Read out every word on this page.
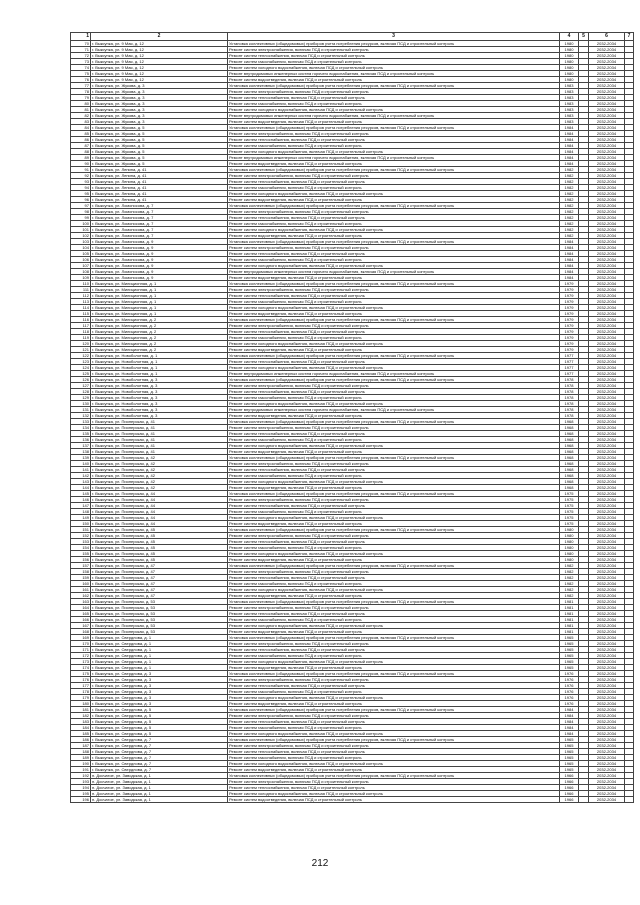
1	2	3	4	5	6	7
70	г. Выксунка, ул. 9 Мая, д. 12	Установка коллективных (общедомовых) приборов учета потребления ресурсов, включая ПСД и строительный контроль	1980		2032-2034	
71	г. Выксунка, ул. 9 Мая, д. 12	Ремонт систем электроснабжения, включая ПСД и строительный контроль	1980		2032-2034	
72	г. Выксунка, ул. 9 Мая, д. 12	Ремонт систем теплоснабжения, включая ПСД и строительный контроль	1980		2032-2034	
73	г. Выксунка, ул. 9 Мая, д. 12	Ремонт систем газоснабжения, включая ПСД и строительный контроль	1980		2032-2034	
74	г. Выксунка, ул. 9 Мая, д. 12	Ремонт систем холодного водоснабжения, включая ПСД и строительный контроль	1980		2032-2034	
75	г. Выксунка, ул. 9 Мая, д. 12	Ремонт внутридомовых инженерных систем горячего водоснабжения, включая ПСД и строительный контроль	1980		2032-2034	
76	г. Выксунка, ул. 9 Мая, д. 12	Ремонт систем водоотведения, включая ПСД и строительный контроль	1980		2032-2034	
77	г. Выксунка, ул. Жукова, д. 3	Установка коллективных (общедомовых) приборов учета потребления ресурсов, включая ПСД и строительный контроль	1983		2032-2034	
78	г. Выксунка, ул. Жукова, д. 3	Ремонт систем электроснабжения, включая ПСД и строительный контроль	1983		2032-2034	
79	г. Выксунка, ул. Жукова, д. 3	Ремонт систем теплоснабжения, включая ПСД и строительный контроль	1983		2032-2034	
80	г. Выксунка, ул. Жукова, д. 3	Ремонт систем газоснабжения, включая ПСД и строительный контроль	1983		2032-2034	
81	г. Выксунка, ул. Жукова, д. 3	Ремонт систем холодного водоснабжения, включая ПСД и строительный контроль	1983		2032-2034	
82	г. Выксунка, ул. Жукова, д. 3	Ремонт внутридомовых инженерных систем горячего водоснабжения, включая ПСД и строительный контроль	1983		2032-2034	
83	г. Выксунка, ул. Жукова, д. 3	Ремонт систем водоотведения, включая ПСД и строительный контроль	1983		2032-2034	
84	г. Выксунка, ул. Жукова, д. 5	Установка коллективных (общедомовых) приборов учета потребления ресурсов, включая ПСД и строительный контроль	1984		2032-2034	
85	г. Выксунка, ул. Жукова, д. 5	Ремонт систем электроснабжения, включая ПСД и строительный контроль	1984		2032-2034	
86	г. Выксунка, ул. Жукова, д. 5	Ремонт систем теплоснабжения, включая ПСД и строительный контроль	1984		2032-2034	
87	г. Выксунка, ул. Жукова, д. 5	Ремонт систем газоснабжения, включая ПСД и строительный контроль	1984		2032-2034	
88	г. Выксунка, ул. Жукова, д. 5	Ремонт систем холодного водоснабжения, включая ПСД и строительный контроль	1984		2032-2034	
89	г. Выксунка, ул. Жукова, д. 5	Ремонт внутридомовых инженерных систем горячего водоснабжения, включая ПСД и строительный контроль	1984		2032-2034	
90	г. Выксунка, ул. Жукова, д. 5	Ремонт систем водоотведения, включая ПСД и строительный контроль	1984		2032-2034	
91	г. Выксунка, ул. Ленина, д. 41	Установка коллективных (общедомовых) приборов учета потребления ресурсов, включая ПСД и строительный контроль	1982		2032-2034	
92	г. Выксунка, ул. Ленина, д. 41	Ремонт систем электроснабжения, включая ПСД и строительный контроль	1982		2032-2034	
93	г. Выксунка, ул. Ленина, д. 41	Ремонт систем теплоснабжения, включая ПСД и строительный контроль	1982		2032-2034	
94	г. Выксунка, ул. Ленина, д. 41	Ремонт систем газоснабжения, включая ПСД и строительный контроль	1982		2032-2034	
95	г. Выксунка, ул. Ленина, д. 41	Ремонт систем холодного водоснабжения, включая ПСД и строительный контроль	1982		2032-2034	
96	г. Выксунка, ул. Ленина, д. 41	Ремонт систем водоотведения, включая ПСД и строительный контроль	1982		2032-2034	
97	г. Выксунка, ул. Ломоносова, д. 7	Установка коллективных (общедомовых) приборов учета потребления ресурсов, включая ПСД и строительный контроль	1982		2032-2034	
98	г. Выксунка, ул. Ломоносова, д. 7	Ремонт систем электроснабжения, включая ПСД и строительный контроль	1982		2032-2034	
99	г. Выксунка, ул. Ломоносова, д. 7	Ремонт систем теплоснабжения, включая ПСД и строительный контроль	1982		2032-2034	
100	г. Выксунка, ул. Ломоносова, д. 7	Ремонт систем газоснабжения, включая ПСД и строительный контроль	1982		2032-2034	
101	г. Выксунка, ул. Ломоносова, д. 7	Ремонт систем холодного водоснабжения, включая ПСД и строительный контроль	1982		2032-2034	
102	г. Выксунка, ул. Ломоносова, д. 7	Ремонт систем водоотведения, включая ПСД и строительный контроль	1982		2032-2034	
103	г. Выксунка, ул. Ломоносова, д. 9	Установка коллективных (общедомовых) приборов учета потребления ресурсов, включая ПСД и строительный контроль	1984		2032-2034	
104	г. Выксунка, ул. Ломоносова, д. 9	Ремонт систем электроснабжения, включая ПСД и строительный контроль	1984		2032-2034	
105	г. Выксунка, ул. Ломоносова, д. 9	Ремонт систем теплоснабжения, включая ПСД и строительный контроль	1984		2032-2034	
106	г. Выксунка, ул. Ломоносова, д. 9	Ремонт систем газоснабжения, включая ПСД и строительный контроль	1984		2032-2034	
107	г. Выксунка, ул. Ломоносова, д. 9	Ремонт систем холодного водоснабжения, включая ПСД и строительный контроль	1984		2032-2034	
108	г. Выксунка, ул. Ломоносова, д. 9	Ремонт внутридомовых инженерных систем горячего водоснабжения, включая ПСД и строительный контроль	1984		2032-2034	
109	г. Выксунка, ул. Ломоносова, д. 9	Ремонт систем водоотведения, включая ПСД и строительный контроль	1984		2032-2034	
110	г. Выксунка, ул. Милиционная, д. 1	Установка коллективных (общедомовых) приборов учета потребления ресурсов, включая ПСД и строительный контроль	1979		2032-2034	
111	г. Выксунка, ул. Милиционная, д. 1	Ремонт систем электроснабжения, включая ПСД и строительный контроль	1979		2032-2034	
112	г. Выксунка, ул. Милиционная, д. 1	Ремонт систем теплоснабжения, включая ПСД и строительный контроль	1979		2032-2034	
113	г. Выксунка, ул. Милиционная, д. 1	Ремонт систем газоснабжения, включая ПСД и строительный контроль	1979		2032-2034	
114	г. Выксунка, ул. Милиционная, д. 1	Ремонт систем холодного водоснабжения, включая ПСД и строительный контроль	1979		2032-2034	
115	г. Выксунка, ул. Милиционная, д. 1	Ремонт систем водоотведения, включая ПСД и строительный контроль	1979		2032-2034	
116	г. Выксунка, ул. Милиционная, д. 2	Установка коллективных (общедомовых) приборов учета потребления ресурсов, включая ПСД и строительный контроль	1979		2032-2034	
117	г. Выксунка, ул. Милиционная, д. 2	Ремонт систем электроснабжения, включая ПСД и строительный контроль	1979		2032-2034	
118	г. Выксунка, ул. Милиционная, д. 2	Ремонт систем теплоснабжения, включая ПСД и строительный контроль	1979		2032-2034	
119	г. Выксунка, ул. Милиционная, д. 2	Ремонт систем газоснабжения, включая ПСД и строительный контроль	1979		2032-2034	
120	г. Выксунка, ул. Милиционная, д. 2	Ремонт систем холодного водоснабжения, включая ПСД и строительный контроль	1979		2032-2034	
121	г. Выксунка, ул. Милиционная, д. 2	Ремонт систем водоотведения, включая ПСД и строительный контроль	1979		2032-2034	
122	г. Выксунка, ул. Новоболотная, д. 1	Установка коллективных (общедомовых) приборов учета потребления ресурсов, включая ПСД и строительный контроль	1977		2032-2034	
123	г. Выксунка, ул. Новоболотная, д. 1	Ремонт систем теплоснабжения, включая ПСД и строительный контроль	1977		2032-2034	
124	г. Выксунка, ул. Новоболотная, д. 1	Ремонт систем холодного водоснабжения, включая ПСД и строительный контроль	1977		2032-2034	
125	г. Выксунка, ул. Новоболотная, д. 1	Ремонт внутридомовых инженерных систем горячего водоснабжения, включая ПСД и строительный контроль	1977		2032-2034	
126	г. Выксунка, ул. Новоболотная, д. 3	Установка коллективных (общедомовых) приборов учета потребления ресурсов, включая ПСД и строительный контроль	1978		2032-2034	
127	г. Выксунка, ул. Новоболотная, д. 3	Ремонт систем электроснабжения, включая ПСД и строительный контроль	1978		2032-2034	
128	г. Выксунка, ул. Новоболотная, д. 3	Ремонт систем теплоснабжения, включая ПСД и строительный контроль	1978		2032-2034	
129	г. Выксунка, ул. Новоболотная, д. 3	Ремонт систем газоснабжения, включая ПСД и строительный контроль	1978		2032-2034	
130	г. Выксунка, ул. Новоболотная, д. 3	Ремонт систем холодного водоснабжения, включая ПСД и строительный контроль	1978		2032-2034	
131	г. Выксунка, ул. Новоболотная, д. 3	Ремонт внутридомовых инженерных систем горячего водоснабжения, включая ПСД и строительный контроль	1978		2032-2034	
132	г. Выксунка, ул. Новоболотная, д. 3	Ремонт систем водоотведения, включая ПСД и строительный контроль	1978		2032-2034	
133	г. Выксунка, ул. Пионерская, д. 41	Установка коллективных (общедомовых) приборов учета потребления ресурсов, включая ПСД и строительный контроль	1968		2032-2034	
134	г. Выксунка, ул. Пионерская, д. 41	Ремонт систем электроснабжения, включая ПСД и строительный контроль	1968		2032-2034	
135	г. Выксунка, ул. Пионерская, д. 41	Ремонт систем теплоснабжения, включая ПСД и строительный контроль	1968		2032-2034	
136	г. Выксунка, ул. Пионерская, д. 41	Ремонт систем газоснабжения, включая ПСД и строительный контроль	1968		2032-2034	
137	г. Выксунка, ул. Пионерская, д. 41	Ремонт систем холодного водоснабжения, включая ПСД и строительный контроль	1968		2032-2034	
138	г. Выксунка, ул. Пионерская, д. 41	Ремонт систем водоотведения, включая ПСД и строительный контроль	1968		2032-2034	
139	г. Выксунка, ул. Пионерская, д. 42	Установка коллективных (общедомовых) приборов учета потребления ресурсов, включая ПСД и строительный контроль	1968		2032-2034	
140	г. Выксунка, ул. Пионерская, д. 42	Ремонт систем электроснабжения, включая ПСД и строительный контроль	1968		2032-2034	
141	г. Выксунка, ул. Пионерская, д. 42	Ремонт систем теплоснабжения, включая ПСД и строительный контроль	1968		2032-2034	
142	г. Выксунка, ул. Пионерская, д. 42	Ремонт систем газоснабжения, включая ПСД и строительный контроль	1968		2032-2034	
143	г. Выксунка, ул. Пионерская, д. 42	Ремонт систем холодного водоснабжения, включая ПСД и строительный контроль	1968		2032-2034	
144	г. Выксунка, ул. Пионерская, д. 42	Ремонт систем водоотведения, включая ПСД и строительный контроль	1968		2032-2034	
145	г. Выксунка, ул. Пионерская, д. 44	Установка коллективных (общедомовых) приборов учета потребления ресурсов, включая ПСД и строительный контроль	1975		2032-2034	
146	г. Выксунка, ул. Пионерская, д. 44	Ремонт систем электроснабжения, включая ПСД и строительный контроль	1975		2032-2034	
147	г. Выксунка, ул. Пионерская, д. 44	Ремонт систем теплоснабжения, включая ПСД и строительный контроль	1975		2032-2034	
148	г. Выксунка, ул. Пионерская, д. 44	Ремонт систем газоснабжения, включая ПСД и строительный контроль	1975		2032-2034	
149	г. Выксунка, ул. Пионерская, д. 44	Ремонт систем холодного водоснабжения, включая ПСД и строительный контроль	1975		2032-2034	
150	г. Выксунка, ул. Пионерская, д. 44	Ремонт систем водоотведения, включая ПСД и строительный контроль	1975		2032-2034	
151	г. Выксунка, ул. Пионерская, д. 45	Установка коллективных (общедомовых) приборов учета потребления ресурсов, включая ПСД и строительный контроль	1980		2032-2034	
152	г. Выксунка, ул. Пионерская, д. 45	Ремонт систем электроснабжения, включая ПСД и строительный контроль	1980		2032-2034	
153	г. Выксунка, ул. Пионерская, д. 45	Ремонт систем теплоснабжения, включая ПСД и строительный контроль	1980		2032-2034	
154	г. Выксунка, ул. Пионерская, д. 45	Ремонт систем газоснабжения, включая ПСД и строительный контроль	1980		2032-2034	
155	г. Выксунка, ул. Пионерская, д. 45	Ремонт систем холодного водоснабжения, включая ПСД и строительный контроль	1980		2032-2034	
156	г. Выксунка, ул. Пионерская, д. 45	Ремонт систем водоотведения, включая ПСД и строительный контроль	1980		2032-2034	
157	г. Выксунка, ул. Пионерская, д. 47	Установка коллективных (общедомовых) приборов учета потребления ресурсов, включая ПСД и строительный контроль	1982		2032-2034	
158	г. Выксунка, ул. Пионерская, д. 47	Ремонт систем электроснабжения, включая ПСД и строительный контроль	1982		2032-2034	
159	г. Выксунка, ул. Пионерская, д. 47	Ремонт систем теплоснабжения, включая ПСД и строительный контроль	1982		2032-2034	
160	г. Выксунка, ул. Пионерская, д. 47	Ремонт систем газоснабжения, включая ПСД и строительный контроль	1982		2032-2034	
161	г. Выксунка, ул. Пионерская, д. 47	Ремонт систем холодного водоснабжения, включая ПСД и строительный контроль	1982		2032-2034	
162	г. Выксунка, ул. Пионерская, д. 47	Ремонт систем водоотведения, включая ПСД и строительный контроль	1982		2032-2034	
163	г. Выксунка, ул. Пионерская, д. 53	Установка коллективных (общедомовых) приборов учета потребления ресурсов, включая ПСД и строительный контроль	1981		2032-2034	
164	г. Выксунка, ул. Пионерская, д. 53	Ремонт систем электроснабжения, включая ПСД и строительный контроль	1981		2032-2034	
165	г. Выксунка, ул. Пионерская, д. 53	Ремонт систем теплоснабжения, включая ПСД и строительный контроль	1981		2032-2034	
166	г. Выксунка, ул. Пионерская, д. 53	Ремонт систем газоснабжения, включая ПСД и строительный контроль	1981		2032-2034	
167	г. Выксунка, ул. Пионерская, д. 53	Ремонт систем холодного водоснабжения, включая ПСД и строительный контроль	1981		2032-2034	
168	г. Выксунка, ул. Пионерская, д. 53	Ремонт систем водоотведения, включая ПСД и строительный контроль	1981		2032-2034	
169	г. Выксунка, ул. Свердлова, д. 1	Установка коллективных (общедомовых) приборов учета потребления ресурсов, включая ПСД и строительный контроль	1965		2032-2034	
170	г. Выксунка, ул. Свердлова, д. 1	Ремонт систем электроснабжения, включая ПСД и строительный контроль	1965		2032-2034	
171	г. Выксунка, ул. Свердлова, д. 1	Ремонт систем теплоснабжения, включая ПСД и строительный контроль	1965		2032-2034	
172	г. Выксунка, ул. Свердлова, д. 1	Ремонт систем газоснабжения, включая ПСД и строительный контроль	1965		2032-2034	
173	г. Выксунка, ул. Свердлова, д. 1	Ремонт систем холодного водоснабжения, включая ПСД и строительный контроль	1965		2032-2034	
174	г. Выксунка, ул. Свердлова, д. 1	Ремонт систем водоотведения, включая ПСД и строительный контроль	1965		2032-2034	
175	г. Выксунка, ул. Свердлова, д. 3	Установка коллективных (общедомовых) приборов учета потребления ресурсов, включая ПСД и строительный контроль	1976		2032-2034	
176	г. Выксунка, ул. Свердлова, д. 3	Ремонт систем электроснабжения, включая ПСД и строительный контроль	1976		2032-2034	
177	г. Выксунка, ул. Свердлова, д. 3	Ремонт систем теплоснабжения, включая ПСД и строительный контроль	1976		2032-2034	
178	г. Выксунка, ул. Свердлова, д. 3	Ремонт систем газоснабжения, включая ПСД и строительный контроль	1976		2032-2034	
179	г. Выксунка, ул. Свердлова, д. 3	Ремонт систем холодного водоснабжения, включая ПСД и строительный контроль	1976		2032-2034	
180	г. Выксунка, ул. Свердлова, д. 3	Ремонт систем водоотведения, включая ПСД и строительный контроль	1976		2032-2034	
181	г. Выксунка, ул. Свердлова, д. 5	Установка коллективных (общедомовых) приборов учета потребления ресурсов, включая ПСД и строительный контроль	1984		2032-2034	
182	г. Выксунка, ул. Свердлова, д. 5	Ремонт систем электроснабжения, включая ПСД и строительный контроль	1984		2032-2034	
183	г. Выксунка, ул. Свердлова, д. 5	Ремонт систем теплоснабжения, включая ПСД и строительный контроль	1984		2032-2034	
184	г. Выксунка, ул. Свердлова, д. 5	Ремонт систем газоснабжения, включая ПСД и строительный контроль	1984		2032-2034	
185	г. Выксунка, ул. Свердлова, д. 5	Ремонт систем холодного водоснабжения, включая ПСД и строительный контроль	1984		2032-2034	
186	г. Выксунка, ул. Свердлова, д. 7	Установка коллективных (общедомовых) приборов учета потребления ресурсов, включая ПСД и строительный контроль	1965		2032-2034	
187	г. Выксунка, ул. Свердлова, д. 7	Ремонт систем электроснабжения, включая ПСД и строительный контроль	1965		2032-2034	
188	г. Выксунка, ул. Свердлова, д. 7	Ремонт систем теплоснабжения, включая ПСД и строительный контроль	1965		2032-2034	
189	г. Выксунка, ул. Свердлова, д. 7	Ремонт систем газоснабжения, включая ПСД и строительный контроль	1965		2032-2034	
190	г. Выксунка, ул. Свердлова, д. 7	Ремонт систем холодного водоснабжения, включая ПСД и строительный контроль	1965		2032-2034	
191	г. Выксунка, ул. Свердлова, д. 7	Ремонт систем водоотведения, включая ПСД и строительный контроль	1965		2032-2034	
192	п. Досчатое, ул. Заводская, д. 1	Установка коллективных (общедомовых) приборов учета потребления ресурсов, включая ПСД и строительный контроль	1966		2032-2034	
193	п. Досчатое, ул. Заводская, д. 1	Ремонт систем электроснабжения, включая ПСД и строительный контроль	1966		2032-2034	
194	п. Досчатое, ул. Заводская, д. 1	Ремонт систем теплоснабжения, включая ПСД и строительный контроль	1966		2032-2034	
195	п. Досчатое, ул. Заводская, д. 1	Ремонт систем холодного водоснабжения, включая ПСД и строительный контроль	1966		2032-2034	
196	п. Досчатое, ул. Заводская, д. 1	Ремонт систем водоотведения, включая ПСД и строительный контроль	1966		2032-2034	
212
